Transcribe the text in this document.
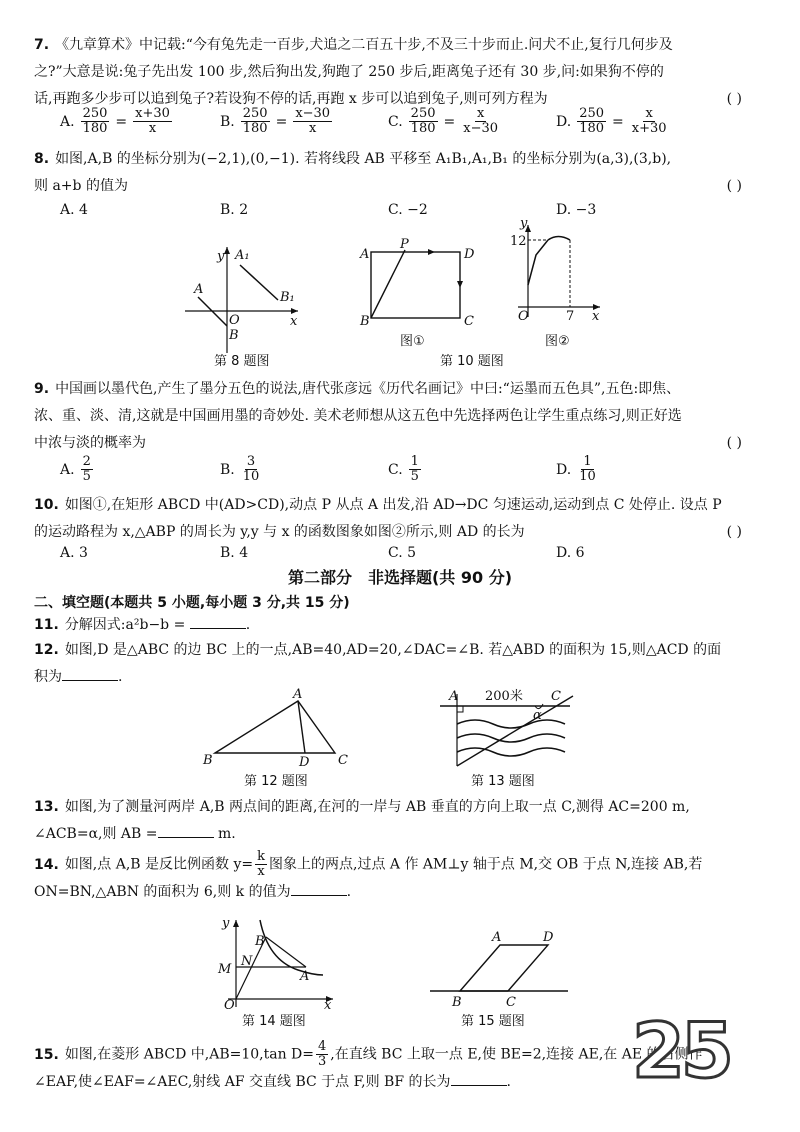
7. 《九章算术》中记载:“今有兔先走一百步,犬追之二百五十步,不及三十步而止.问犬不止,复行几何步及
之?”大意是说:兔子先出发 100 步,然后狗出发,狗跑了 250 步后,距离兔子还有 30 步,问:如果狗不停的
话,再跑多少步可以追到兔子?若设狗不停的话,再跑 x 步可以追到兔子,则可列方程为	( )
A. $\frac{250}{180} = \frac{x+30}{x}$	B. $\frac{250}{180} = \frac{x-30}{x}$	C. $\frac{250}{180} = \frac{x}{x-30}$	D. $\frac{250}{180} = \frac{x}{x+30}$
8. 如图,A,B 的坐标分别为(−2,1),(0,−1). 若将线段 AB 平移至 A₁B₁,A₁,B₁ 的坐标分别为(a,3),(3,b),
则 a+b 的值为	( )
A. 4	B. 2	C. −2	D. −3
y A₁
A
B₁
O
B
x
A
P
D
B	C
y
12
O	7 x
第 8 题图
图①
第 10 题图
图②
9. 中国画以墨代色,产生了墨分五色的说法,唐代张彦远《历代名画记》中曰:“运墨而五色具”,五色:即焦、
浓、重、淡、清,这就是中国画用墨的奇妙处. 美术老师想从这五色中先选择两色让学生重点练习,则正好选
中浓与淡的概率为	( )
A. $\frac{2}{5}$	B. $\frac{3}{10}$	C. $\frac{1}{5}$	D. $\frac{1}{10}$
10. 如图①,在矩形 ABCD 中(AD>CD),动点 P 从点 A 出发,沿 AD→DC 匀速运动,运动到点 C 处停止. 设点 P
的运动路程为 x,△ABP 的周长为 y,y 与 x 的函数图象如图②所示,则 AD 的长为	( )
A. 3	B. 4	C. 5	D. 6
第二部分　非选择题(共 90 分)
二、填空题(本题共 5 小题,每小题 3 分,共 15 分)
11. 分解因式:a²b−b =	.
12. 如图,D 是△ABC 的边 BC 上的一点,AB=40,AD=20,∠DAC=∠B. 若△ABD 的面积为 15,则△ACD 的面
积为	.
A
B	D C
A 200米 C
α
第 12 题图	第 13 题图
13. 如图,为了测量河两岸 A,B 两点间的距离,在河的一岸与 AB 垂直的方向上取一点 C,测得 AC=200 m,
∠ACB=α,则 AB =	m.
14. 如图,点 A,B 是反比例函数 $y= \frac{k}{x}$ 图象上的两点,过点 A 作 AM⊥y 轴于点 M,交 OB 于点 N,连接 AB,若
ON=BN,△ABN 的面积为 6,则 k 的值为	.
y
B
M
N
A
O	x
A	D
B	C
第 14 题图	第 15 题图
15. 如图,在菱形 ABCD 中,AB=10,tan $D= \frac{4}{3}$ ,在直线 BC 上取一点 E,使 BE=2,连接 AE,在 AE 的右侧作
∠EAF,使∠EAF=∠AEC,射线 AF 交直线 BC 于点 F,则 BF 的长为	.	25
